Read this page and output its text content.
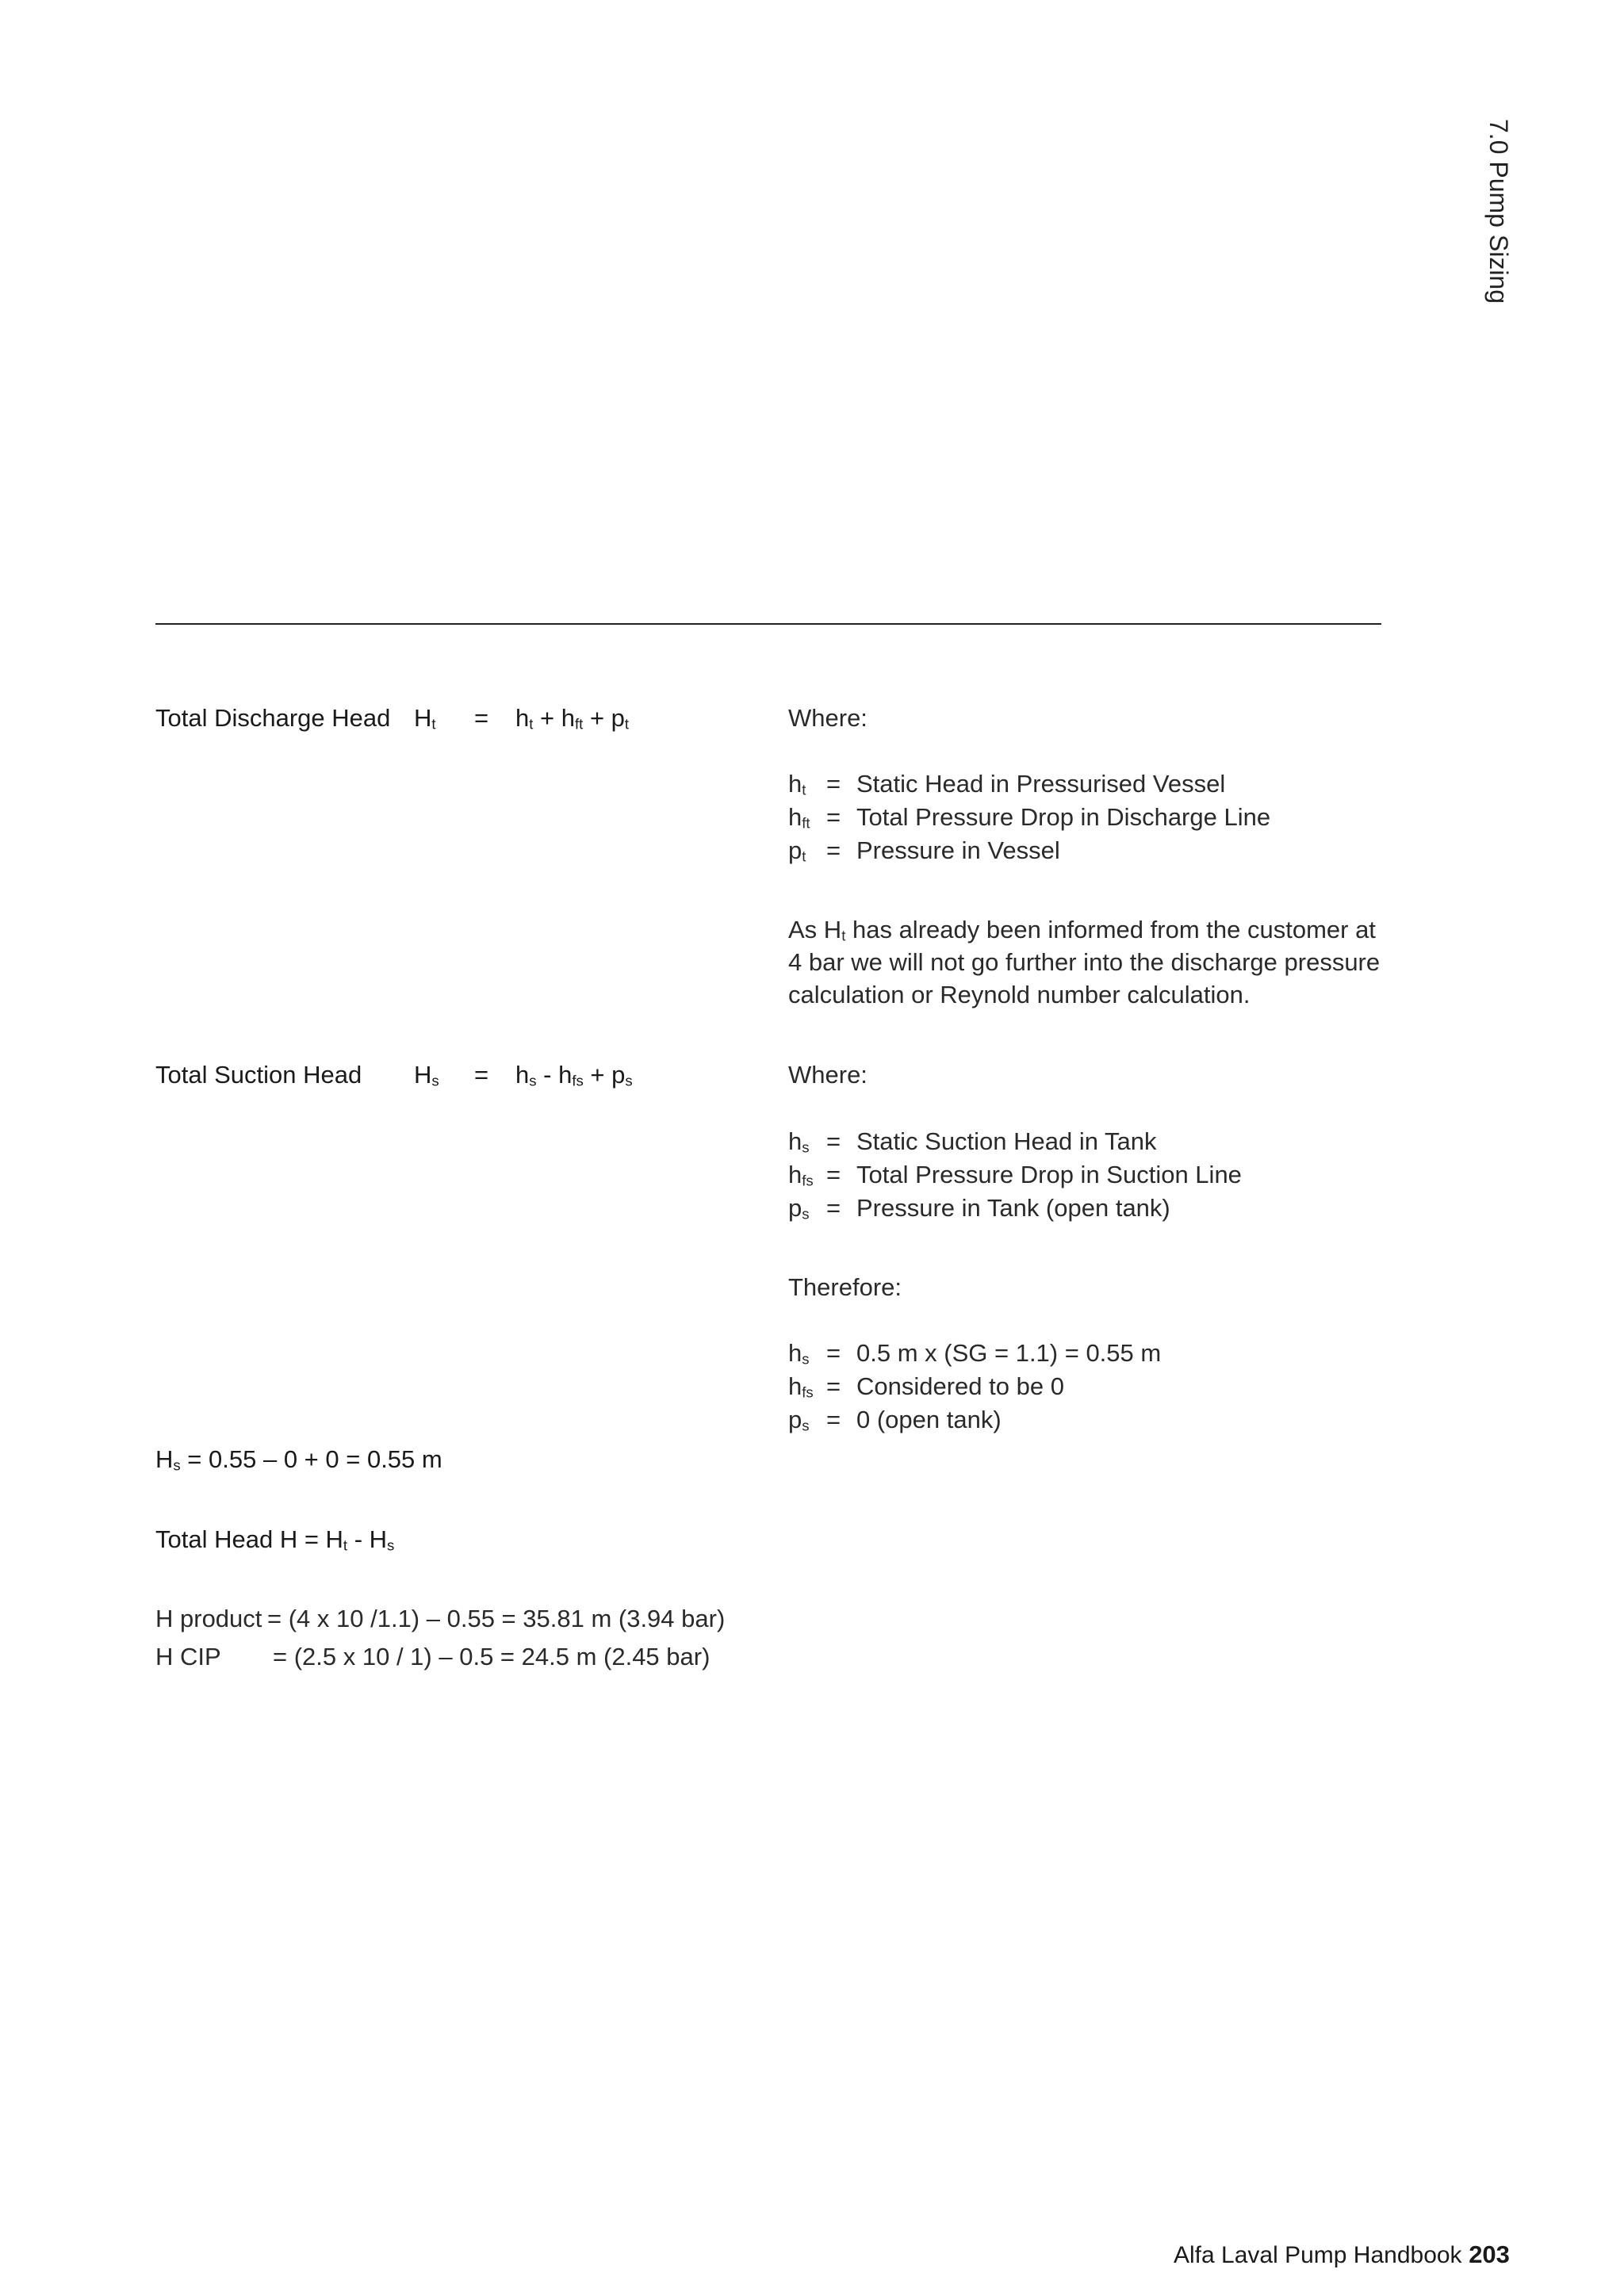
7.0 Pump Sizing
Total Discharge Head $H_t = h_t + h_{ft} + p_t$	Where:
$h_t$ = Static Head in Pressurised Vessel
$h_{ft}$ = Total Pressure Drop in Discharge Line
$p_t$ = Pressure in Vessel
As $H_t$ has already been informed from the customer at 4 bar we will not go further into the discharge pressure calculation or Reynold number calculation.
Total Suction Head $H_s = h_s - h_{fs} + p_s$	Where:
$h_s$ = Static Suction Head in Tank
$h_{fs}$ = Total Pressure Drop in Suction Line
$p_s$ = Pressure in Tank (open tank)
Therefore:
$h_s = 0.5$ m x (SG = 1.1) = 0.55 m
$h_{fs}$ = Considered to be 0
$p_s = 0$ (open tank)
$H_s = 0.55 - 0 + 0 = 0.55$ m
Total Head $H = H_t - H_s$
H product = (4 x 10 /1.1) – 0.55 = 35.81 m (3.94 bar)
H CIP = (2.5 x 10 / 1) – 0.5 = 24.5 m (2.45 bar)
Alfa Laval Pump Handbook 203
